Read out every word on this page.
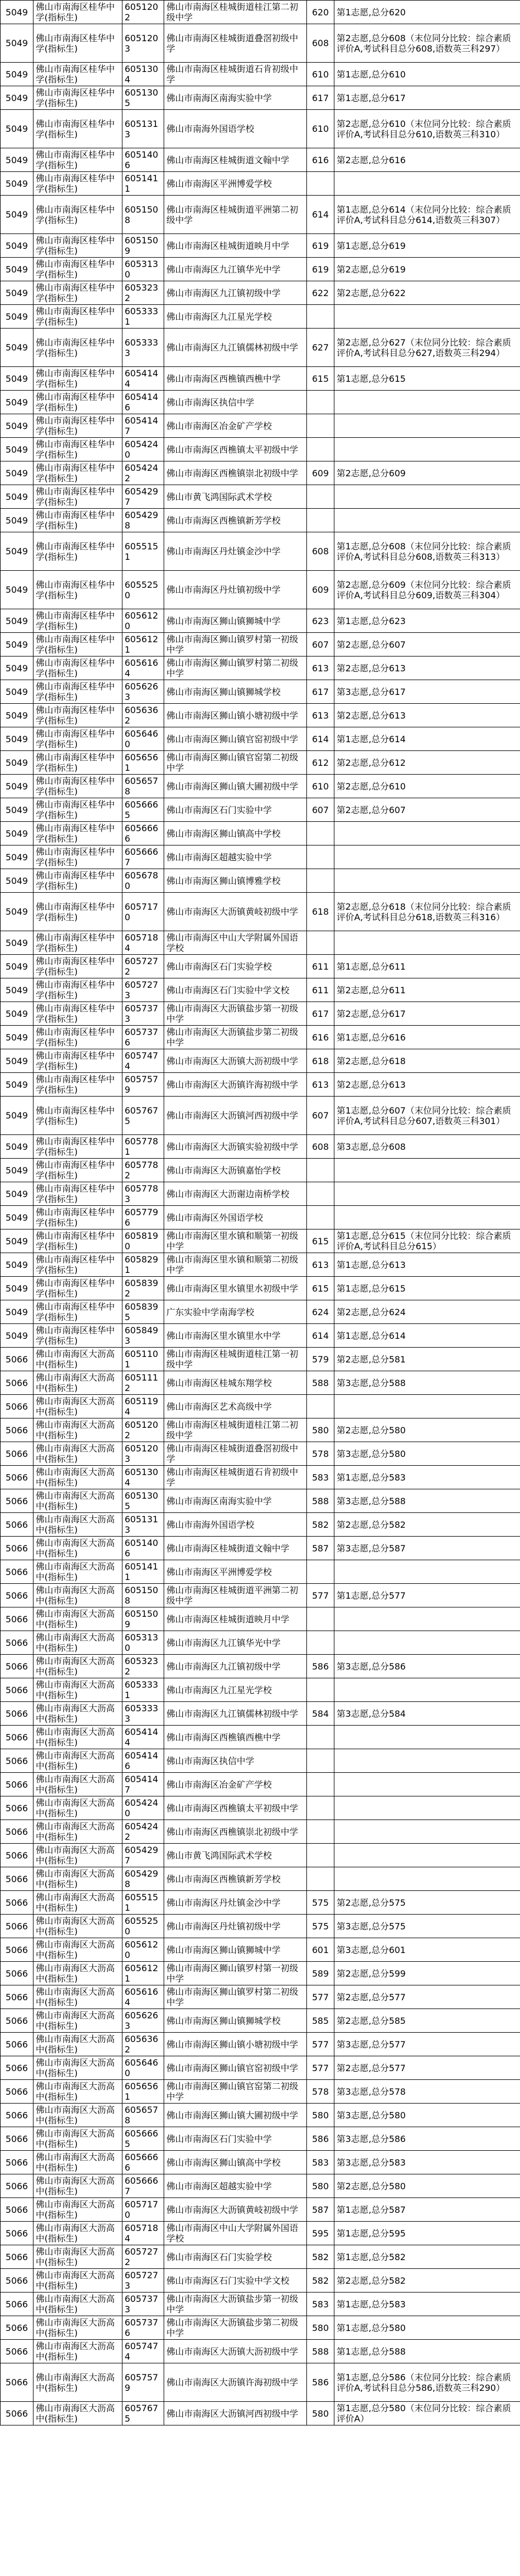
5049	佛山市南海区桂华中学(指标生)	6051202	佛山市南海区桂城街道桂江第二初级中学	620	第1志愿,总分620
5049	佛山市南海区桂华中学(指标生)	6051203	佛山市南海区桂城街道叠滘初级中学	608	第2志愿,总分608（末位同分比较：综合素质评价A,考试科目总分608,语数英三科297）
5049	佛山市南海区桂华中学(指标生)	6051304	佛山市南海区桂城街道石肯初级中学	610	第1志愿,总分610
5049	佛山市南海区桂华中学(指标生)	6051305	佛山市南海区南海实验中学	617	第1志愿,总分617
5049	佛山市南海区桂华中学(指标生)	6051313	佛山市南海外国语学校	610	第2志愿,总分610（末位同分比较：综合素质评价A,考试科目总分610,语数英三科310）
5049	佛山市南海区桂华中学(指标生)	6051406	佛山市南海区桂城街道文翰中学	616	第2志愿,总分616
5049	佛山市南海区桂华中学(指标生)	6051411	佛山市南海区平洲博爱学校		
5049	佛山市南海区桂华中学(指标生)	6051508	佛山市南海区桂城街道平洲第二初级中学	614	第1志愿,总分614（末位同分比较：综合素质评价A,考试科目总分614,语数英三科307）
5049	佛山市南海区桂华中学(指标生)	6051509	佛山市南海区桂城街道映月中学	619	第1志愿,总分619
5049	佛山市南海区桂华中学(指标生)	6053130	佛山市南海区九江镇华光中学	619	第2志愿,总分619
5049	佛山市南海区桂华中学(指标生)	6053232	佛山市南海区九江镇初级中学	622	第2志愿,总分622
5049	佛山市南海区桂华中学(指标生)	6053331	佛山市南海区九江星光学校		
5049	佛山市南海区桂华中学(指标生)	6053333	佛山市南海区九江镇儒林初级中学	627	第2志愿,总分627（末位同分比较：综合素质评价A,考试科目总分627,语数英三科294）
5049	佛山市南海区桂华中学(指标生)	6054144	佛山市南海区西樵镇西樵中学	615	第1志愿,总分615
5049	佛山市南海区桂华中学(指标生)	6054146	佛山市南海区执信中学		
5049	佛山市南海区桂华中学(指标生)	6054147	佛山市南海区冶金矿产学校		
5049	佛山市南海区桂华中学(指标生)	6054240	佛山市南海区西樵镇太平初级中学		
5049	佛山市南海区桂华中学(指标生)	6054242	佛山市南海区西樵镇崇北初级中学	609	第2志愿,总分609
5049	佛山市南海区桂华中学(指标生)	6054297	佛山市黄飞鸿国际武术学校		
5049	佛山市南海区桂华中学(指标生)	6054298	佛山市南海区西樵镇新芳学校		
5049	佛山市南海区桂华中学(指标生)	6055151	佛山市南海区丹灶镇金沙中学	608	第1志愿,总分608（末位同分比较：综合素质评价A,考试科目总分608,语数英三科313）
5049	佛山市南海区桂华中学(指标生)	6055250	佛山市南海区丹灶镇初级中学	609	第2志愿,总分609（末位同分比较：综合素质评价A,考试科目总分609,语数英三科304）
5049	佛山市南海区桂华中学(指标生)	6056120	佛山市南海区狮山镇狮城中学	623	第1志愿,总分623
5049	佛山市南海区桂华中学(指标生)	6056121	佛山市南海区狮山镇罗村第一初级中学	607	第2志愿,总分607
5049	佛山市南海区桂华中学(指标生)	6056164	佛山市南海区狮山镇罗村第二初级中学	613	第2志愿,总分613
5049	佛山市南海区桂华中学(指标生)	6056263	佛山市南海区狮山镇狮城学校	617	第3志愿,总分617
5049	佛山市南海区桂华中学(指标生)	6056362	佛山市南海区狮山镇小塘初级中学	613	第2志愿,总分613
5049	佛山市南海区桂华中学(指标生)	6056460	佛山市南海区狮山镇官窑初级中学	614	第1志愿,总分614
5049	佛山市南海区桂华中学(指标生)	6056561	佛山市南海区狮山镇官窑第二初级中学	612	第2志愿,总分612
5049	佛山市南海区桂华中学(指标生)	6056578	佛山市南海区狮山镇大圃初级中学	610	第2志愿,总分610
5049	佛山市南海区桂华中学(指标生)	6056665	佛山市南海区石门实验中学	607	第2志愿,总分607
5049	佛山市南海区桂华中学(指标生)	6056666	佛山市南海区狮山镇高中学校		
5049	佛山市南海区桂华中学(指标生)	6056667	佛山市南海区超越实验中学		
5049	佛山市南海区桂华中学(指标生)	6056780	佛山市南海区狮山镇博雅学校		
5049	佛山市南海区桂华中学(指标生)	6057170	佛山市南海区大沥镇黄岐初级中学	618	第2志愿,总分618（末位同分比较：综合素质评价A,考试科目总分618,语数英三科316）
5049	佛山市南海区桂华中学(指标生)	6057184	佛山市南海区中山大学附属外国语学校		
5049	佛山市南海区桂华中学(指标生)	6057272	佛山市南海区石门实验学校	611	第1志愿,总分611
5049	佛山市南海区桂华中学(指标生)	6057273	佛山市南海区石门实验中学文校	611	第2志愿,总分611
5049	佛山市南海区桂华中学(指标生)	6057373	佛山市南海区大沥镇盐步第一初级中学	617	第2志愿,总分617
5049	佛山市南海区桂华中学(指标生)	6057376	佛山市南海区大沥镇盐步第二初级中学	616	第1志愿,总分616
5049	佛山市南海区桂华中学(指标生)	6057474	佛山市南海区大沥镇大沥初级中学	618	第2志愿,总分618
5049	佛山市南海区桂华中学(指标生)	6057579	佛山市南海区大沥镇许海初级中学	613	第2志愿,总分613
5049	佛山市南海区桂华中学(指标生)	6057675	佛山市南海区大沥镇河西初级中学	607	第1志愿,总分607（末位同分比较：综合素质评价A,考试科目总分607,语数英三科301）
5049	佛山市南海区桂华中学(指标生)	6057781	佛山市南海区大沥镇实验初级中学	608	第3志愿,总分608
5049	佛山市南海区桂华中学(指标生)	6057782	佛山市南海区大沥镇嘉怡学校		
5049	佛山市南海区桂华中学(指标生)	6057783	佛山市南海区大沥谢边南桥学校		
5049	佛山市南海区桂华中学(指标生)	6057796	佛山市南海区外国语学校		
5049	佛山市南海区桂华中学(指标生)	6058190	佛山市南海区里水镇和顺第一初级中学	615	第1志愿,总分615（末位同分比较：综合素质评价A,考试科目总分615）
5049	佛山市南海区桂华中学(指标生)	6058291	佛山市南海区里水镇和顺第二初级中学	613	第1志愿,总分613
5049	佛山市南海区桂华中学(指标生)	6058392	佛山市南海区里水镇里水初级中学	615	第1志愿,总分615
5049	佛山市南海区桂华中学(指标生)	6058395	广东实验中学南海学校	624	第2志愿,总分624
5049	佛山市南海区桂华中学(指标生)	6058493	佛山市南海区里水镇里水中学	614	第1志愿,总分614
5066	佛山市南海区大沥高中(指标生)	6051101	佛山市南海区桂城街道桂江第一初级中学	579	第2志愿,总分581
5066	佛山市南海区大沥高中(指标生)	6051112	佛山市南海区桂城东翔学校	588	第3志愿,总分588
5066	佛山市南海区大沥高中(指标生)	6051194	佛山市南海区艺术高级中学		
5066	佛山市南海区大沥高中(指标生)	6051202	佛山市南海区桂城街道桂江第二初级中学	580	第2志愿,总分580
5066	佛山市南海区大沥高中(指标生)	6051203	佛山市南海区桂城街道叠滘初级中学	578	第3志愿,总分580
5066	佛山市南海区大沥高中(指标生)	6051304	佛山市南海区桂城街道石肯初级中学	583	第1志愿,总分583
5066	佛山市南海区大沥高中(指标生)	6051305	佛山市南海区南海实验中学	588	第3志愿,总分588
5066	佛山市南海区大沥高中(指标生)	6051313	佛山市南海外国语学校	582	第2志愿,总分582
5066	佛山市南海区大沥高中(指标生)	6051406	佛山市南海区桂城街道文翰中学	587	第3志愿,总分587
5066	佛山市南海区大沥高中(指标生)	6051411	佛山市南海区平洲博爱学校		
5066	佛山市南海区大沥高中(指标生)	6051508	佛山市南海区桂城街道平洲第二初级中学	577	第1志愿,总分577
5066	佛山市南海区大沥高中(指标生)	6051509	佛山市南海区桂城街道映月中学		
5066	佛山市南海区大沥高中(指标生)	6053130	佛山市南海区九江镇华光中学		
5066	佛山市南海区大沥高中(指标生)	6053232	佛山市南海区九江镇初级中学	586	第3志愿,总分586
5066	佛山市南海区大沥高中(指标生)	6053331	佛山市南海区九江星光学校		
5066	佛山市南海区大沥高中(指标生)	6053333	佛山市南海区九江镇儒林初级中学	584	第3志愿,总分584
5066	佛山市南海区大沥高中(指标生)	6054144	佛山市南海区西樵镇西樵中学		
5066	佛山市南海区大沥高中(指标生)	6054146	佛山市南海区执信中学		
5066	佛山市南海区大沥高中(指标生)	6054147	佛山市南海区冶金矿产学校		
5066	佛山市南海区大沥高中(指标生)	6054240	佛山市南海区西樵镇太平初级中学		
5066	佛山市南海区大沥高中(指标生)	6054242	佛山市南海区西樵镇崇北初级中学		
5066	佛山市南海区大沥高中(指标生)	6054297	佛山市黄飞鸿国际武术学校		
5066	佛山市南海区大沥高中(指标生)	6054298	佛山市南海区西樵镇新芳学校		
5066	佛山市南海区大沥高中(指标生)	6055151	佛山市南海区丹灶镇金沙中学	575	第2志愿,总分575
5066	佛山市南海区大沥高中(指标生)	6055250	佛山市南海区丹灶镇初级中学	575	第3志愿,总分575
5066	佛山市南海区大沥高中(指标生)	6056120	佛山市南海区狮山镇狮城中学	601	第3志愿,总分601
5066	佛山市南海区大沥高中(指标生)	6056121	佛山市南海区狮山镇罗村第一初级中学	589	第2志愿,总分599
5066	佛山市南海区大沥高中(指标生)	6056164	佛山市南海区狮山镇罗村第二初级中学	577	第2志愿,总分577
5066	佛山市南海区大沥高中(指标生)	6056263	佛山市南海区狮山镇狮城学校	585	第2志愿,总分585
5066	佛山市南海区大沥高中(指标生)	6056362	佛山市南海区狮山镇小塘初级中学	577	第3志愿,总分577
5066	佛山市南海区大沥高中(指标生)	6056460	佛山市南海区狮山镇官窑初级中学	577	第2志愿,总分577
5066	佛山市南海区大沥高中(指标生)	6056561	佛山市南海区狮山镇官窑第二初级中学	578	第3志愿,总分578
5066	佛山市南海区大沥高中(指标生)	6056578	佛山市南海区狮山镇大圃初级中学	580	第3志愿,总分580
5066	佛山市南海区大沥高中(指标生)	6056665	佛山市南海区石门实验中学	586	第3志愿,总分586
5066	佛山市南海区大沥高中(指标生)	6056666	佛山市南海区狮山镇高中学校	583	第3志愿,总分583
5066	佛山市南海区大沥高中(指标生)	6056667	佛山市南海区超越实验中学	580	第2志愿,总分580
5066	佛山市南海区大沥高中(指标生)	6057170	佛山市南海区大沥镇黄岐初级中学	587	第1志愿,总分587
5066	佛山市南海区大沥高中(指标生)	6057184	佛山市南海区中山大学附属外国语学校	595	第1志愿,总分595
5066	佛山市南海区大沥高中(指标生)	6057272	佛山市南海区石门实验学校	582	第1志愿,总分582
5066	佛山市南海区大沥高中(指标生)	6057273	佛山市南海区石门实验中学文校	582	第2志愿,总分582
5066	佛山市南海区大沥高中(指标生)	6057373	佛山市南海区大沥镇盐步第一初级中学	583	第1志愿,总分583
5066	佛山市南海区大沥高中(指标生)	6057376	佛山市南海区大沥镇盐步第二初级中学	580	第1志愿,总分580
5066	佛山市南海区大沥高中(指标生)	6057474	佛山市南海区大沥镇大沥初级中学	588	第1志愿,总分588
5066	佛山市南海区大沥高中(指标生)	6057579	佛山市南海区大沥镇许海初级中学	586	第1志愿,总分586（末位同分比较：综合素质评价A,考试科目总分586,语数英三科290）
5066	佛山市南海区大沥高中(指标生)	6057675	佛山市南海区大沥镇河西初级中学	580	第1志愿,总分580（末位同分比较：综合素质评价A）
